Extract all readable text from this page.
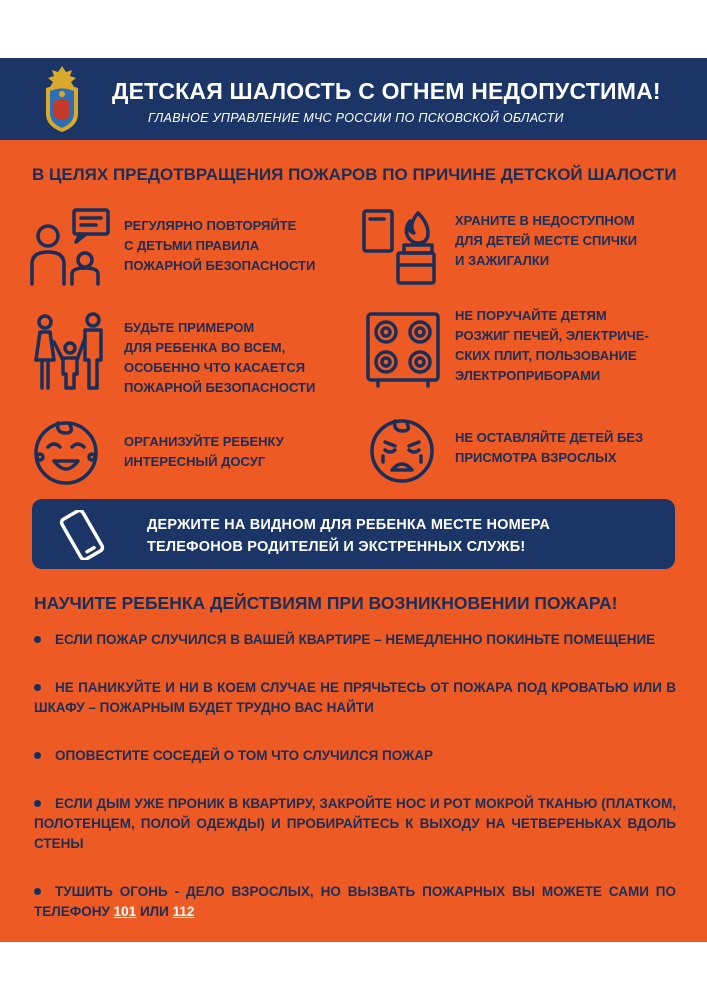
ДЕТСКАЯ ШАЛОСТЬ С ОГНЕМ НЕДОПУСТИМА!
ГЛАВНОЕ УПРАВЛЕНИЕ МЧС РОССИИ ПО ПСКОВСКОЙ ОБЛАСТИ
В ЦЕЛЯХ ПРЕДОТВРАЩЕНИЯ ПОЖАРОВ ПО ПРИЧИНЕ ДЕТСКОЙ ШАЛОСТИ
РЕГУЛЯРНО ПОВТОРЯЙТЕ
С ДЕТЬМИ ПРАВИЛА
ПОЖАРНОЙ БЕЗОПАСНОСТИ
ХРАНИТЕ В НЕДОСТУПНОМ
ДЛЯ ДЕТЕЙ МЕСТЕ СПИЧКИ
И ЗАЖИГАЛКИ
БУДЬТЕ ПРИМЕРОМ
ДЛЯ РЕБЕНКА ВО ВСЕМ,
ОСОБЕННО ЧТО КАСАЕТСЯ
ПОЖАРНОЙ БЕЗОПАСНОСТИ
НЕ ПОРУЧАЙТЕ ДЕТЯМ
РОЗЖИГ ПЕЧЕЙ, ЭЛЕКТРИЧЕ-
СКИХ ПЛИТ, ПОЛЬЗОВАНИЕ
ЭЛЕКТРОПРИБОРАМИ
ОРГАНИЗУЙТЕ РЕБЕНКУ
ИНТЕРЕСНЫЙ ДОСУГ
НЕ ОСТАВЛЯЙТЕ ДЕТЕЙ БЕЗ
ПРИСМОТРА ВЗРОСЛЫХ
ДЕРЖИТЕ НА ВИДНОМ ДЛЯ РЕБЕНКА МЕСТЕ НОМЕРА
ТЕЛЕФОНОВ РОДИТЕЛЕЙ И ЭКСТРЕННЫХ СЛУЖБ!
НАУЧИТЕ РЕБЕНКА ДЕЙСТВИЯМ ПРИ ВОЗНИКНОВЕНИИ ПОЖАРА!
ЕСЛИ ПОЖАР СЛУЧИЛСЯ В ВАШЕЙ КВАРТИРЕ – НЕМЕДЛЕННО ПОКИНЬТЕ ПОМЕЩЕНИЕ
НЕ ПАНИКУЙТЕ И НИ В КОЕМ СЛУЧАЕ НЕ ПРЯЧЬТЕСЬ ОТ ПОЖАРА ПОД КРОВАТЬЮ ИЛИ В ШКАФУ – ПОЖАРНЫМ БУДЕТ ТРУДНО ВАС НАЙТИ
ОПОВЕСТИТЕ СОСЕДЕЙ О ТОМ ЧТО СЛУЧИЛСЯ ПОЖАР
ЕСЛИ ДЫМ УЖЕ ПРОНИК В КВАРТИРУ, ЗАКРОЙТЕ НОС И РОТ МОКРОЙ ТКАНЬЮ (ПЛАТКОМ, ПОЛОТЕНЦЕМ, ПОЛОЙ ОДЕЖДЫ) И ПРОБИРАЙТЕСЬ К ВЫХОДУ НА ЧЕТВЕРЕНЬКАХ ВДОЛЬ СТЕНЫ
ТУШИТЬ ОГОНЬ - ДЕЛО ВЗРОСЛЫХ, НО ВЫЗВАТЬ ПОЖАРНЫХ ВЫ МОЖЕТЕ САМИ ПО ТЕЛЕФОНУ 101 ИЛИ 112
